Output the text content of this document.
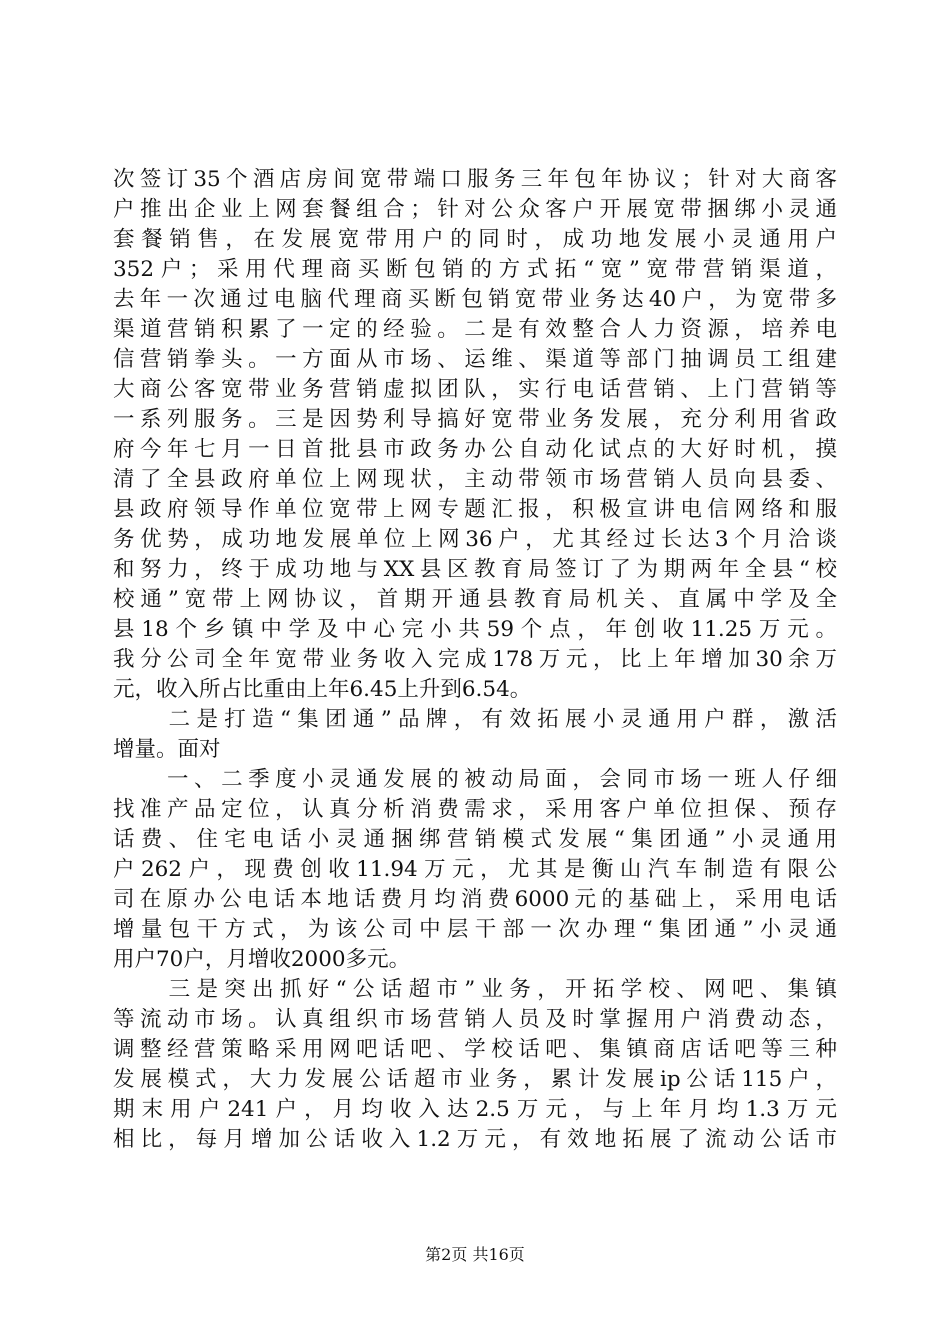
次签订35个酒店房间宽带端口服务三年包年协议；针对大商客
户推出企业上网套餐组合；针对公众客户开展宽带捆绑小灵通
套餐销售，在发展宽带用户的同时，成功地发展小灵通用户
352户；采用代理商买断包销的方式拓“宽”宽带营销渠道，
去年一次通过电脑代理商买断包销宽带业务达40户，为宽带多
渠道营销积累了一定的经验。二是有效整合人力资源，培养电
信营销拳头。一方面从市场、运维、渠道等部门抽调员工组建
大商公客宽带业务营销虚拟团队，实行电话营销、上门营销等
一系列服务。三是因势利导搞好宽带业务发展，充分利用省政
府今年七月一日首批县市政务办公自动化试点的大好时机，摸
清了全县政府单位上网现状，主动带领市场营销人员向县委、
县政府领导作单位宽带上网专题汇报，积极宣讲电信网络和服
务优势，成功地发展单位上网36户，尤其经过长达3个月洽谈
和努力，终于成功地与XX县区教育局签订了为期两年全县“校
校通”宽带上网协议，首期开通县教育局机关、直属中学及全
县18个乡镇中学及中心完小共59个点，年创收11.25万元。
我分公司全年宽带业务收入完成178万元，比上年增加30余万
元，收入所占比重由上年6.45上升到6.54。
　　二是打造“集团通”品牌，有效拓展小灵通用户群，激活
增量。面对
　　一、二季度小灵通发展的被动局面，会同市场一班人仔细
找准产品定位，认真分析消费需求，采用客户单位担保、预存
话费、住宅电话小灵通捆绑营销模式发展“集团通”小灵通用
户262户，现费创收11.94万元，尤其是衡山汽车制造有限公
司在原办公电话本地话费月均消费6000元的基础上，采用电话
增量包干方式，为该公司中层干部一次办理“集团通”小灵通
用户70户，月增收2000多元。
　　三是突出抓好“公话超市”业务，开拓学校、网吧、集镇
等流动市场。认真组织市场营销人员及时掌握用户消费动态，
调整经营策略采用网吧话吧、学校话吧、集镇商店话吧等三种
发展模式，大力发展公话超市业务，累计发展ip公话115户，
期末用户241户，月均收入达2.5万元，与上年月均1.3万元
相比，每月增加公话收入1.2万元，有效地拓展了流动公话市
第2页 共16页
